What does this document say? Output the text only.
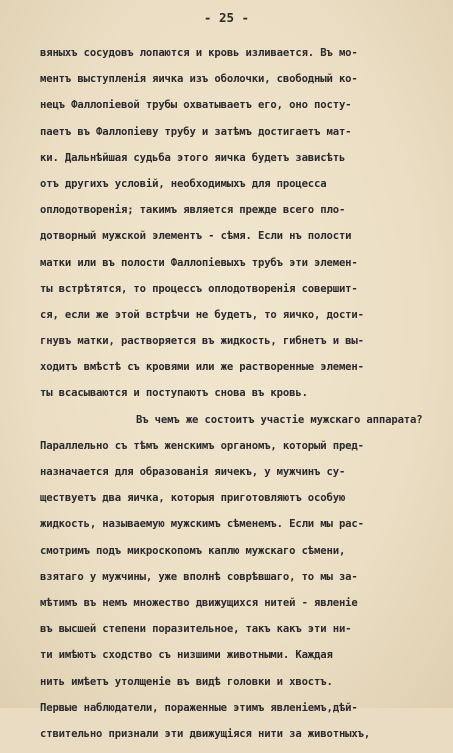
- 25 -
вяныхъ сосудовъ лопаются и кровь изливается. Въ мо-
ментъ выступленія яичка изъ оболочки, свободный ко-
нецъ Фаллопіевой трубы охватываетъ его, оно посту-
паетъ въ Фаллопіеву трубу и затѣмъ достигаетъ мат-
ки. Дальнѣйшая судьба этого яичка будетъ зависѣть
отъ другихъ условій, необходимыхъ для процесса
оплодотворенія; такимъ является прежде всего пло-
дотворный мужской элементъ - сѣмя. Если нъ полости
матки или въ полости Фаллопіевыхъ трубъ эти элемен-
ты встрѣтятся, то процессъ оплодотворенія совершит-
ся, если же этой встрѣчи не будетъ, то яичко, дости-
гнувъ матки, растворяется въ жидкость, гибнетъ и вы-
ходитъ вмѣстѣ съ кровями или же растворенные элемен-
ты всасываются и поступаютъ снова въ кровь.
Въ чемъ же состоитъ участіе мужскаго аппарата?
Параллельно съ тѣмъ женскимъ органомъ, который пред-
назначается для образованія яичекъ, у мужчинъ су-
ществуетъ два яичка, которыя приготовляютъ особую
жидкость, называемую мужскимъ сѣменемъ. Если мы рас-
смотримъ подъ микроскопомъ каплю мужскаго сѣмени,
взятаго у мужчины, уже вполнѣ соврѣвшаго, то мы за-
мѣтимъ въ немъ множество движущихся нитей - явленіе
въ высшей степени поразительное, такъ какъ эти ни-
ти имѣютъ сходство съ низшими животными. Каждая
нить имѣетъ утолщеніе въ видѣ головки и хвостъ.
Первые наблюдатели, пораженные этимъ явленіемъ,дѣй-
ствительно признали эти движущіяся нити за животныхъ,
